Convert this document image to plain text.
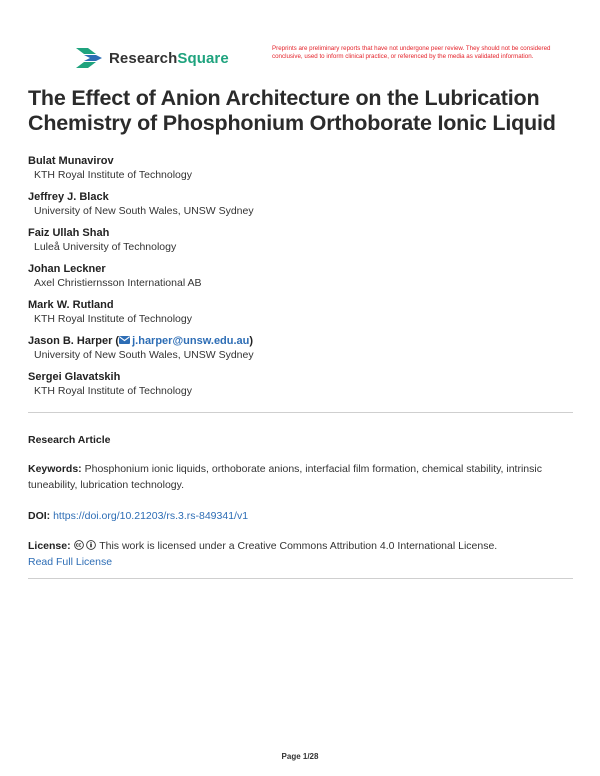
ResearchSquare
Preprints are preliminary reports that have not undergone peer review. They should not be considered conclusive, used to inform clinical practice, or referenced by the media as validated information.
The Effect of Anion Architecture on the Lubrication Chemistry of Phosphonium Orthoborate Ionic Liquid
Bulat Munavirov
KTH Royal Institute of Technology
Jeffrey J. Black
University of New South Wales, UNSW Sydney
Faiz Ullah Shah
Luleå University of Technology
Johan Leckner
Axel Christiernsson International AB
Mark W. Rutland
KTH Royal Institute of Technology
Jason B. Harper ( j.harper@unsw.edu.au)
University of New South Wales, UNSW Sydney
Sergei Glavatskih
KTH Royal Institute of Technology
Research Article
Keywords: Phosphonium ionic liquids, orthoborate anions, interfacial film formation, chemical stability, intrinsic tuneability, lubrication technology.
DOI: https://doi.org/10.21203/rs.3.rs-849341/v1
License:	This work is licensed under a Creative Commons Attribution 4.0 International License.
Read Full License
Page 1/28
